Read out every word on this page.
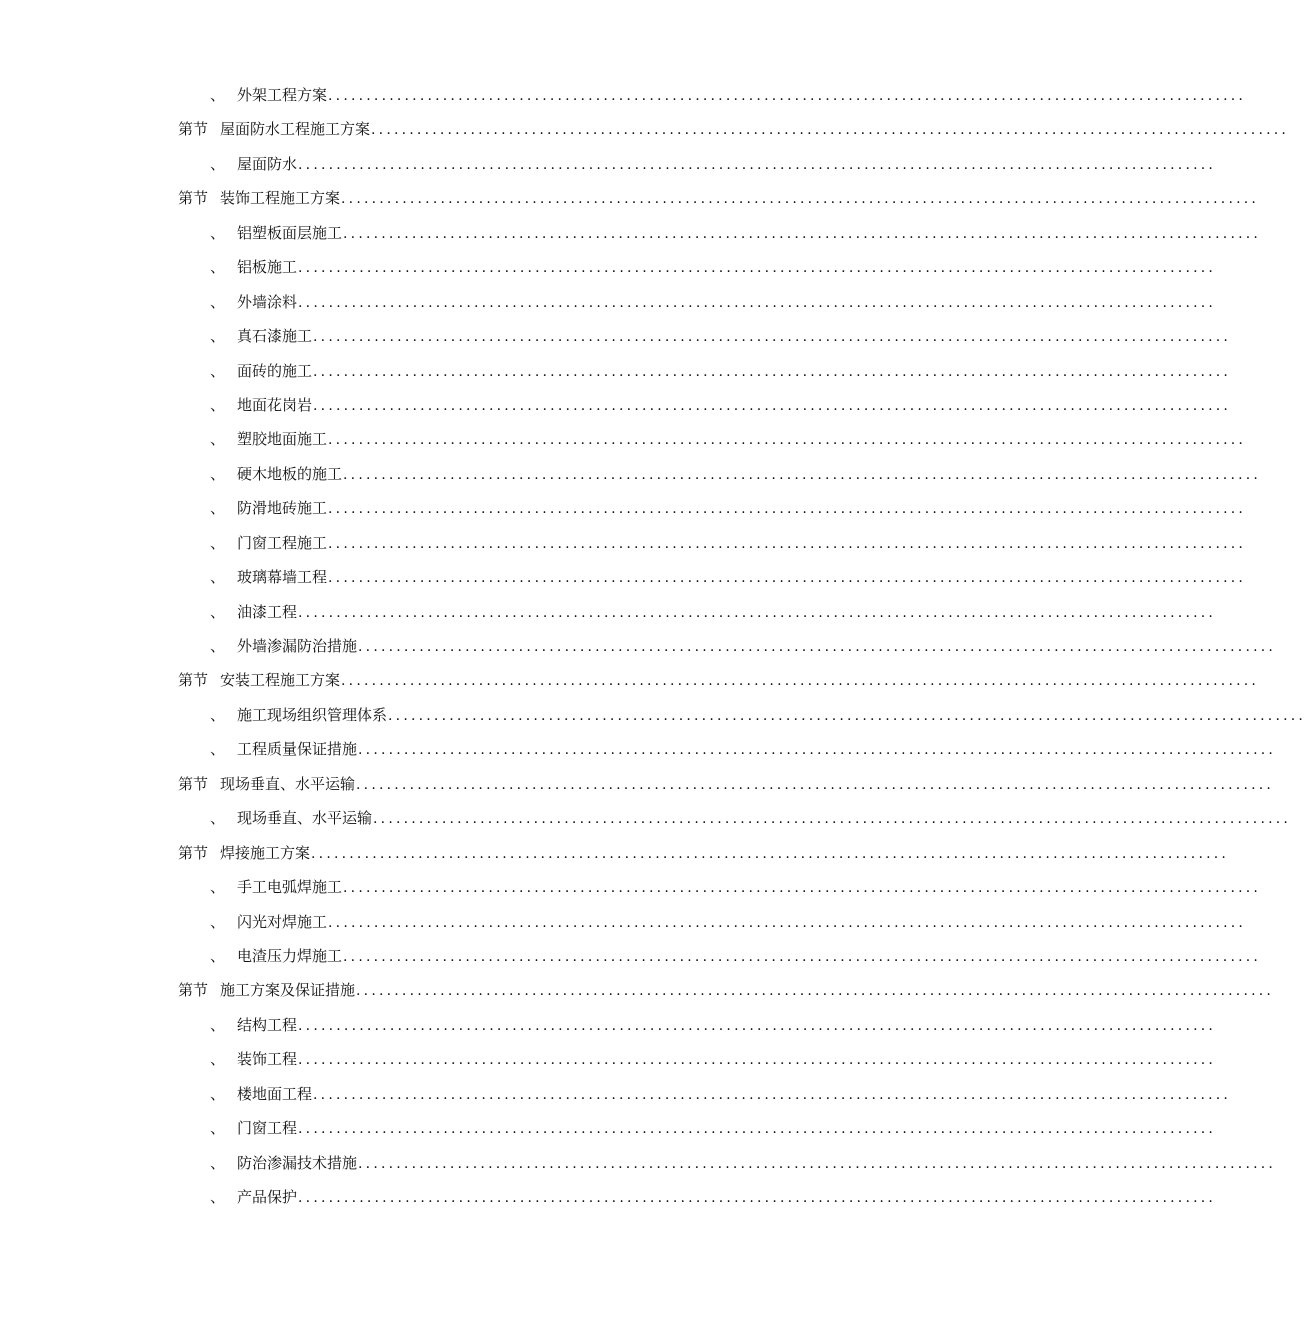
、 外架工程方案 ........................................................................................................................
第节 屋面防水工程施工方案 ........................................................................................................................
、 屋面防水 ........................................................................................................................
第节 装饰工程施工方案 ........................................................................................................................
、 铝塑板面层施工 ........................................................................................................................
、 铝板施工 ........................................................................................................................
、 外墙涂料 ........................................................................................................................
、 真石漆施工 ........................................................................................................................
、 面砖的施工 ........................................................................................................................
、 地面花岗岩 ........................................................................................................................
、 塑胶地面施工 ........................................................................................................................
、 硬木地板的施工 ........................................................................................................................
、 防滑地砖施工 ........................................................................................................................
、 门窗工程施工 ........................................................................................................................
、 玻璃幕墙工程 ........................................................................................................................
、 油漆工程 ........................................................................................................................
、 外墙渗漏防治措施 ........................................................................................................................
第节 安装工程施工方案 ........................................................................................................................
、 施工现场组织管理体系 ........................................................................................................................
、 工程质量保证措施 ........................................................................................................................
第节 现场垂直、水平运输 ........................................................................................................................
、 现场垂直、水平运输 ........................................................................................................................
第节 焊接施工方案 ........................................................................................................................
、 手工电弧焊施工 ........................................................................................................................
、 闪光对焊施工 ........................................................................................................................
、 电渣压力焊施工 ........................................................................................................................
第节 施工方案及保证措施 ........................................................................................................................
、 结构工程 ........................................................................................................................
、 装饰工程 ........................................................................................................................
、 楼地面工程 ........................................................................................................................
、 门窗工程 ........................................................................................................................
、 防治渗漏技术措施 ........................................................................................................................
、 产品保护 ........................................................................................................................
